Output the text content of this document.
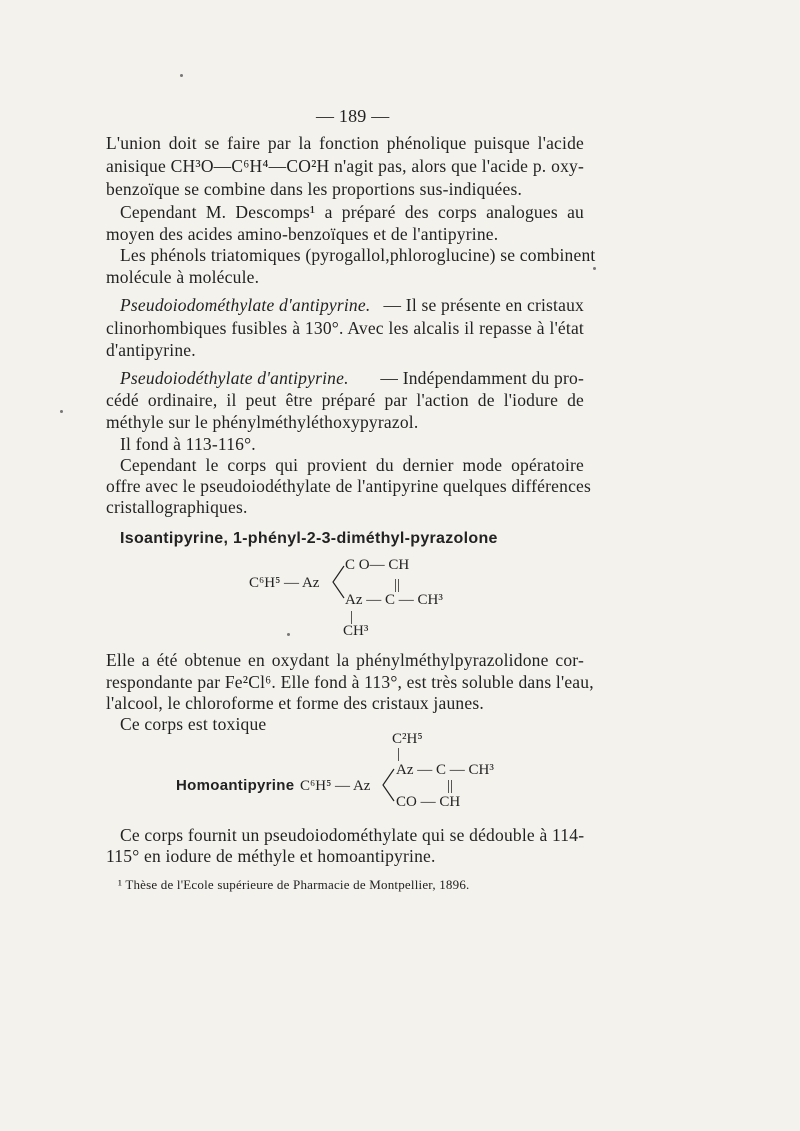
— 189 —
L'union doit se faire par la fonction phénolique puisque l'acide
anisique CH³O—C⁶H⁴—CO²H n'agit pas, alors que l'acide p. oxy-
benzoïque se combine dans les proportions sus-indiquées.
Cependant M. Descomps¹ a préparé des corps analogues au
moyen des acides amino-benzoïques et de l'antipyrine.
Les phénols triatomiques (pyrogallol,phloroglucine) se combinent
molécule à molécule.
Pseudoiodométhylate d'antipyrine. — Il se présente en cristaux
clinorhombiques fusibles à 130°. Avec les alcalis il repasse à l'état
d'antipyrine.
Pseudoiodéthylate d'antipyrine. — Indépendamment du pro-
cédé ordinaire, il peut être préparé par l'action de l'iodure de
méthyle sur le phénylméthyléthoxypyrazol.
Il fond à 113-116°.
Cependant le corps qui provient du dernier mode opératoire
offre avec le pseudoiodéthylate de l'antipyrine quelques différences
cristallographiques.
Isoantipyrine, 1-phényl-2-3-diméthyl-pyrazolone
C O— CH
C⁶H⁵ — Az	||
Az — C — CH³
|
CH³
Elle a été obtenue en oxydant la phénylméthylpyrazolidone cor-
respondante par Fe²Cl⁶. Elle fond à 113°, est très soluble dans l'eau,
l'alcool, le chloroforme et forme des cristaux jaunes.
Ce corps est toxique
C²H⁵
|
Az — C — CH³
Homoantipyrine C⁶H⁵ — Az	||
CO — CH
Ce corps fournit un pseudoiodométhylate qui se dédouble à 114-
115° en iodure de méthyle et homoantipyrine.
¹ Thèse de l'Ecole supérieure de Pharmacie de Montpellier, 1896.
